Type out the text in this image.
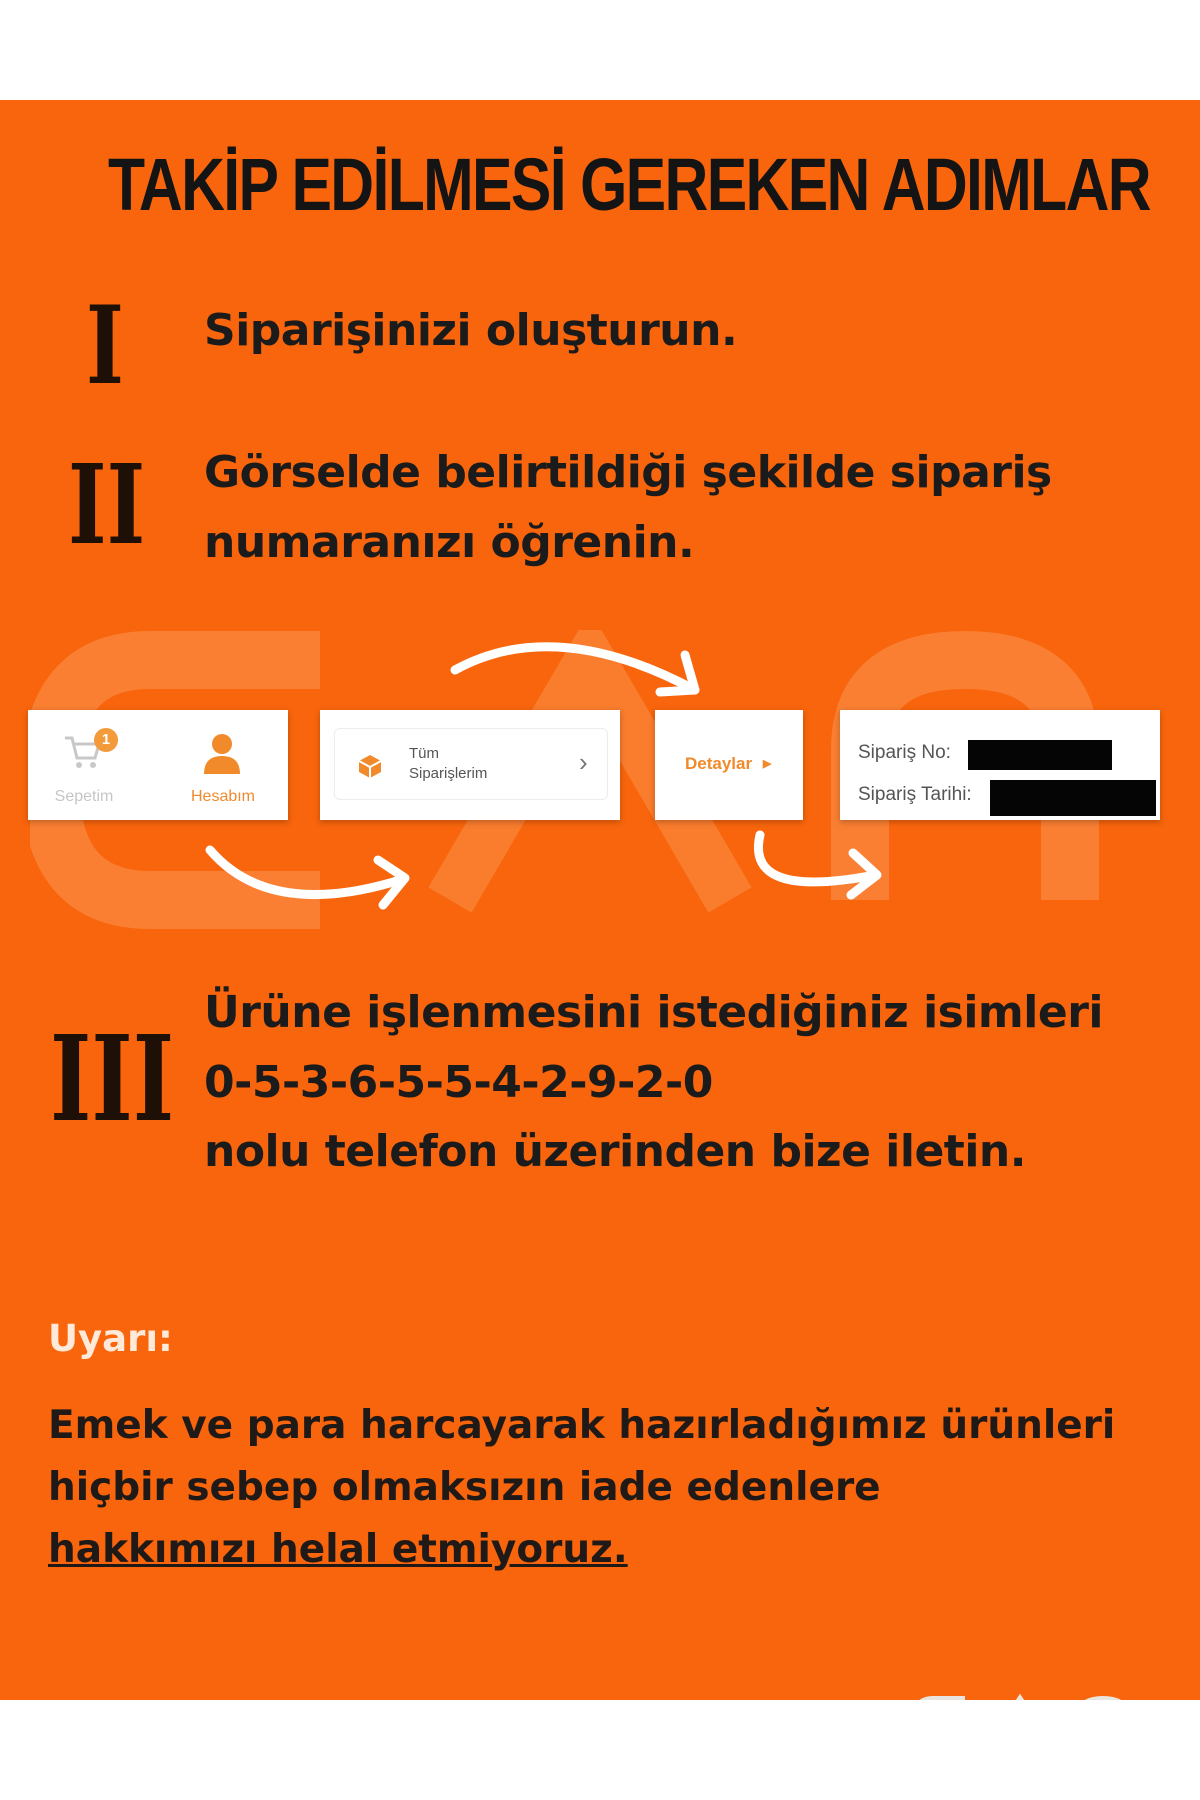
TAKİP EDİLMESİ GEREKEN ADIMLAR
I Siparişinizi oluşturun.
II Görselde belirtildiği şekilde sipariş
numaranızı öğrenin.
1
Sepetim	Hesabım
Tüm
Siparişlerim	›	Detaylar ▶
Sipariş No:
Sipariş Tarihi:
III Ürüne işlenmesini istediğiniz isimleri
0-5-3-6-5-5-4-2-9-2-0
nolu telefon üzerinden bize iletin.
Uyarı:
Emek ve para harcayarak hazırladığımız ürünleri
hiçbir sebep olmaksızın iade edenlere
hakkımızı helal etmiyoruz.
